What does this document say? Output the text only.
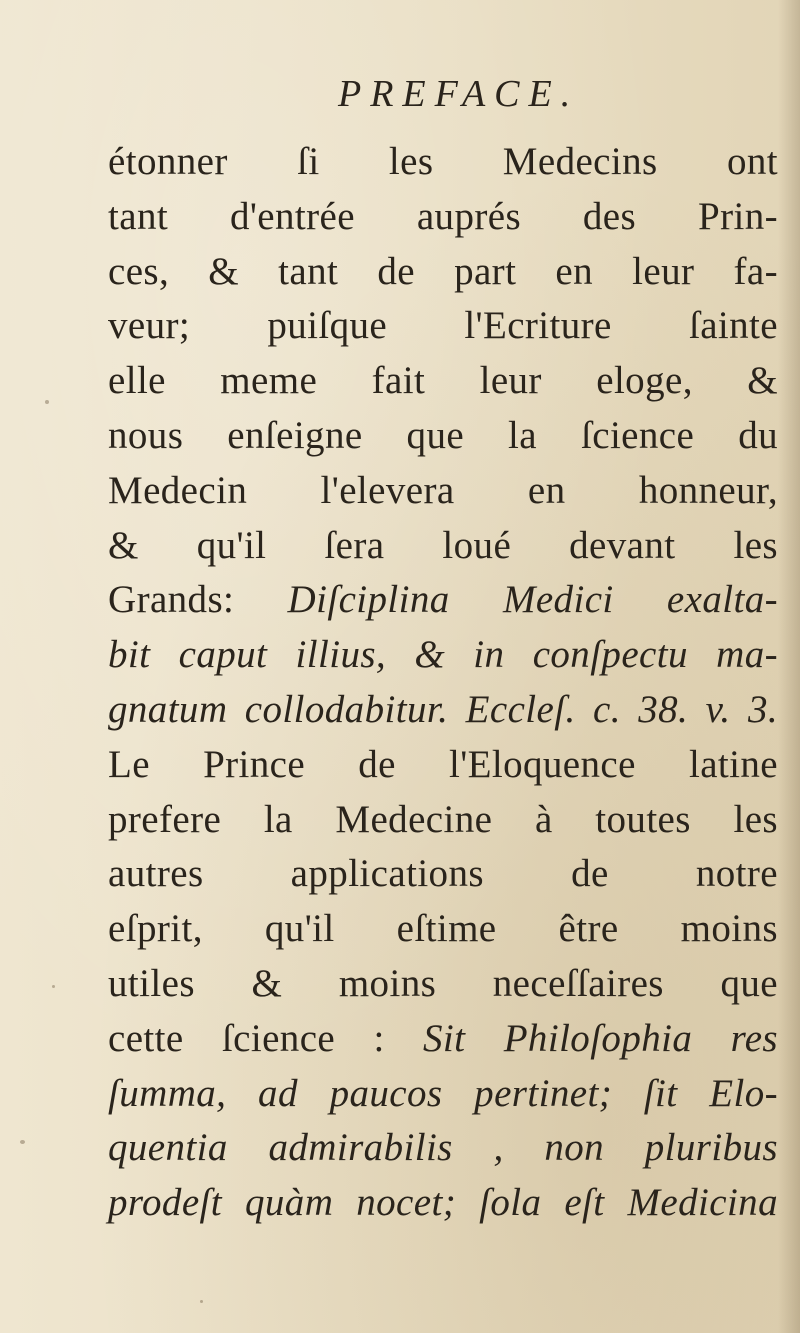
PREFACE.
étonner ſi les Medecins ont
tant d'entrée auprés des Prin-
ces, & tant de part en leur fa-
veur; puiſque l'Ecriture ſainte
elle meme fait leur eloge, &
nous enſeigne que la ſcience du
Medecin l'elevera en honneur,
& qu'il ſera loué devant les
Grands: Diſciplina Medici exalta-
bit caput illius, & in conſpectu ma-
gnatum collodabitur. Eccleſ. c. 38. v. 3.
Le Prince de l'Eloquence latine
prefere la Medecine à toutes les
autres applications de notre
eſprit, qu'il eſtime être moins
utiles & moins neceſſaires que
cette ſcience : Sit Philoſophia res
ſumma, ad paucos pertinet; ſit Elo-
quentia admirabilis , non pluribus
prodeſt quàm nocet; ſola eſt Medicina
